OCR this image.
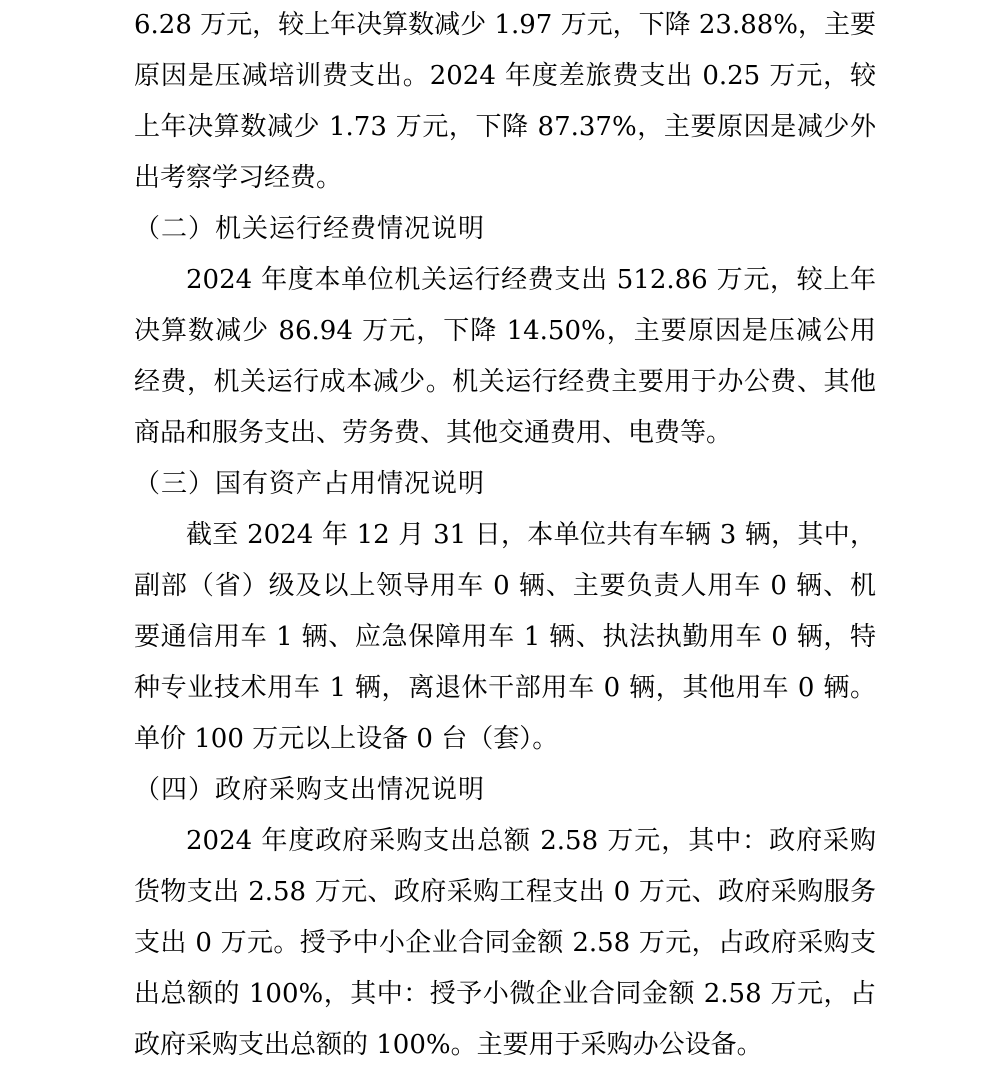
6.28 万元，较上年决算数减少 1.97 万元，下降 23.88%，主要原因是压减培训费支出。2024 年度差旅费支出 0.25 万元，较上年决算数减少 1.73 万元，下降 87.37%，主要原因是减少外出考察学习经费。

（二）机关运行经费情况说明

2024 年度本单位机关运行经费支出 512.86 万元，较上年决算数减少 86.94 万元，下降 14.50%，主要原因是压减公用经费，机关运行成本减少。机关运行经费主要用于办公费、其他商品和服务支出、劳务费、其他交通费用、电费等。

（三）国有资产占用情况说明

截至 2024 年 12 月 31 日，本单位共有车辆 3 辆，其中，副部（省）级及以上领导用车 0 辆、主要负责人用车 0 辆、机要通信用车 1 辆、应急保障用车 1 辆、执法执勤用车 0 辆，特种专业技术用车 1 辆，离退休干部用车 0 辆，其他用车 0 辆。单价 100 万元以上设备 0 台（套）。

（四）政府采购支出情况说明

2024 年度政府采购支出总额 2.58 万元，其中：政府采购货物支出 2.58 万元、政府采购工程支出 0 万元、政府采购服务支出 0 万元。授予中小企业合同金额 2.58 万元，占政府采购支出总额的 100%，其中：授予小微企业合同金额 2.58 万元，占政府采购支出总额的 100%。主要用于采购办公设备。
